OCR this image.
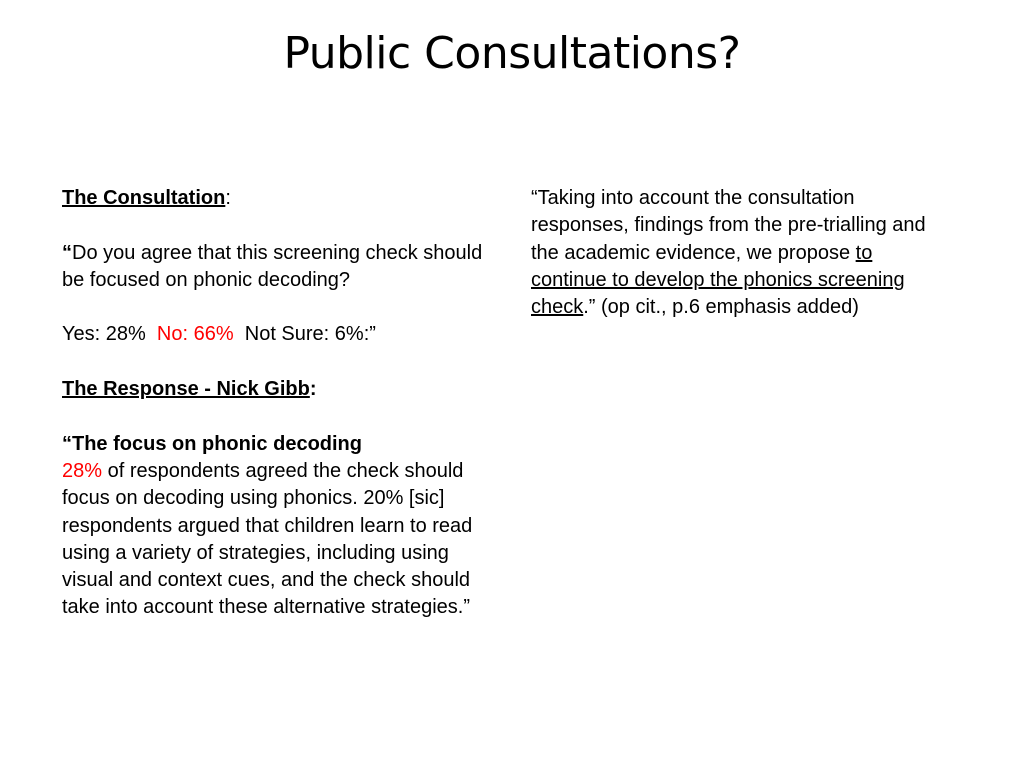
Public Consultations?

The Consultation:

“Do you agree that this screening check should be focused on phonic decoding?

Yes: 28% No: 66% Not Sure: 6%:”

The Response - Nick Gibb:

“The focus on phonic decoding

28% of respondents agreed the check should focus on decoding using phonics. 20% [sic] respondents argued that children learn to read using a variety of strategies, including using visual and context cues, and the check should take into account these alternative strategies.”

“Taking into account the consultation responses, findings from the pre-trialling and the academic evidence, we propose to continue to develop the phonics screening check.” (op cit., p.6 emphasis added)
